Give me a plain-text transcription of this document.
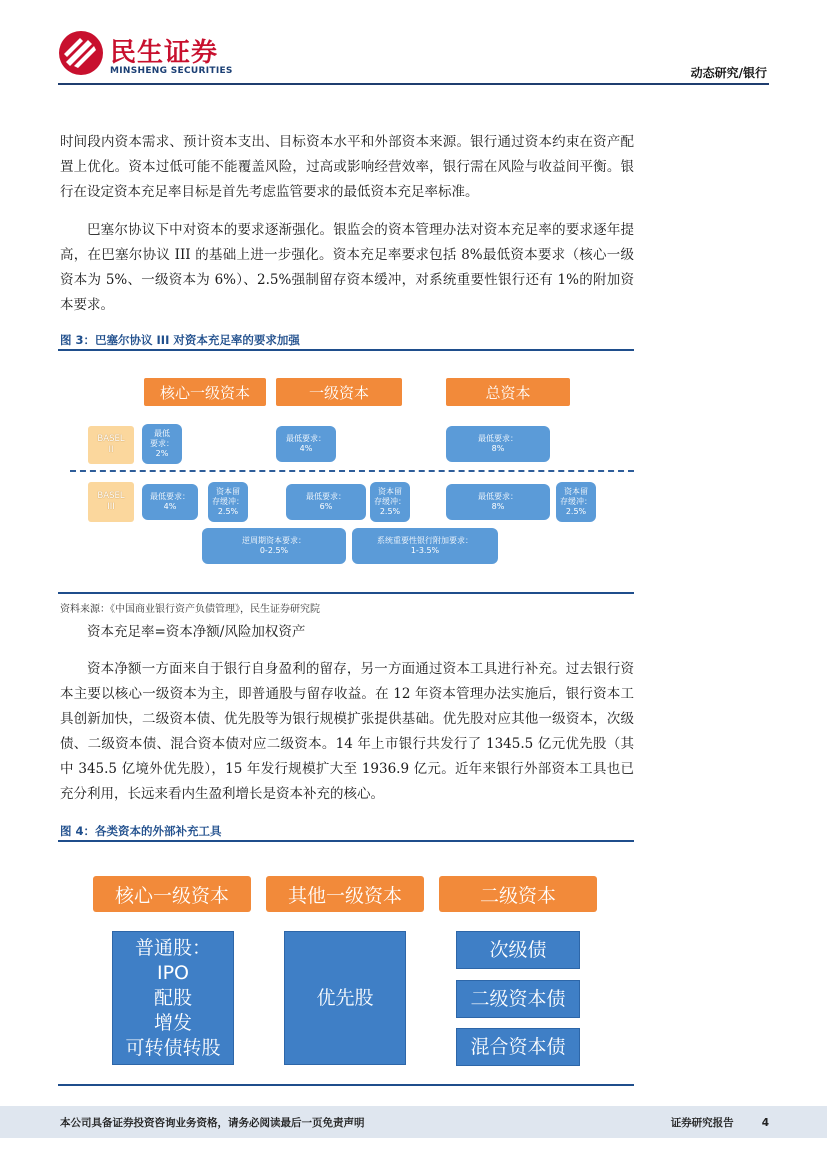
民生证券
MINSHENG SECURITIES	动态研究/银行

时间段内资本需求、预计资本支出、目标资本水平和外部资本来源。银行通过资本约束在资产配置上优化。资本过低可能不能覆盖风险，过高或影响经营效率，银行需在风险与收益间平衡。银行在设定资本充足率目标是首先考虑监管要求的最低资本充足率标准。

巴塞尔协议下中对资本的要求逐渐强化。银监会的资本管理办法对资本充足率的要求逐年提高，在巴塞尔协议 III 的基础上进一步强化。资本充足率要求包括 8%最低资本要求（核心一级资本为 5%、一级资本为 6%）、2.5%强制留存资本缓冲，对系统重要性银行还有 1%的附加资本要求。

图 3：巴塞尔协议 III 对资本充足率的要求加强
核心一级资本	一级资本	总资本
BASEL
II
最低
要求：
2%
最低要求：
4%
最低要求：
8%
BASEL
III
最低要求：
4%
资本留
存缓冲：
2.5%
最低要求：
6%
资本留
存缓冲：
2.5%
最低要求：
8%
资本留
存缓冲：
2.5%
逆周期资本要求：
0-2.5%
系统重要性银行附加要求：
1-3.5%
资料来源：《中国商业银行资产负债管理》，民生证券研究院

资本充足率=资本净额/风险加权资产

资本净额一方面来自于银行自身盈利的留存，另一方面通过资本工具进行补充。过去银行资本主要以核心一级资本为主，即普通股与留存收益。在 12 年资本管理办法实施后，银行资本工具创新加快，二级资本债、优先股等为银行规模扩张提供基础。优先股对应其他一级资本，次级债、二级资本债、混合资本债对应二级资本。14 年上市银行共发行了 1345.5 亿元优先股（其中 345.5 亿境外优先股），15 年发行规模扩大至 1936.9 亿元。近年来银行外部资本工具也已充分利用，长远来看内生盈利增长是资本补充的核心。

图 4：各类资本的外部补充工具
核心一级资本	其他一级资本	二级资本
普通股：
IPO
配股
增发
可转债转股
优先股
次级债
二级资本债
混合资本债
本公司具备证券投资咨询业务资格，请务必阅读最后一页免责声明	证券研究报告	4
